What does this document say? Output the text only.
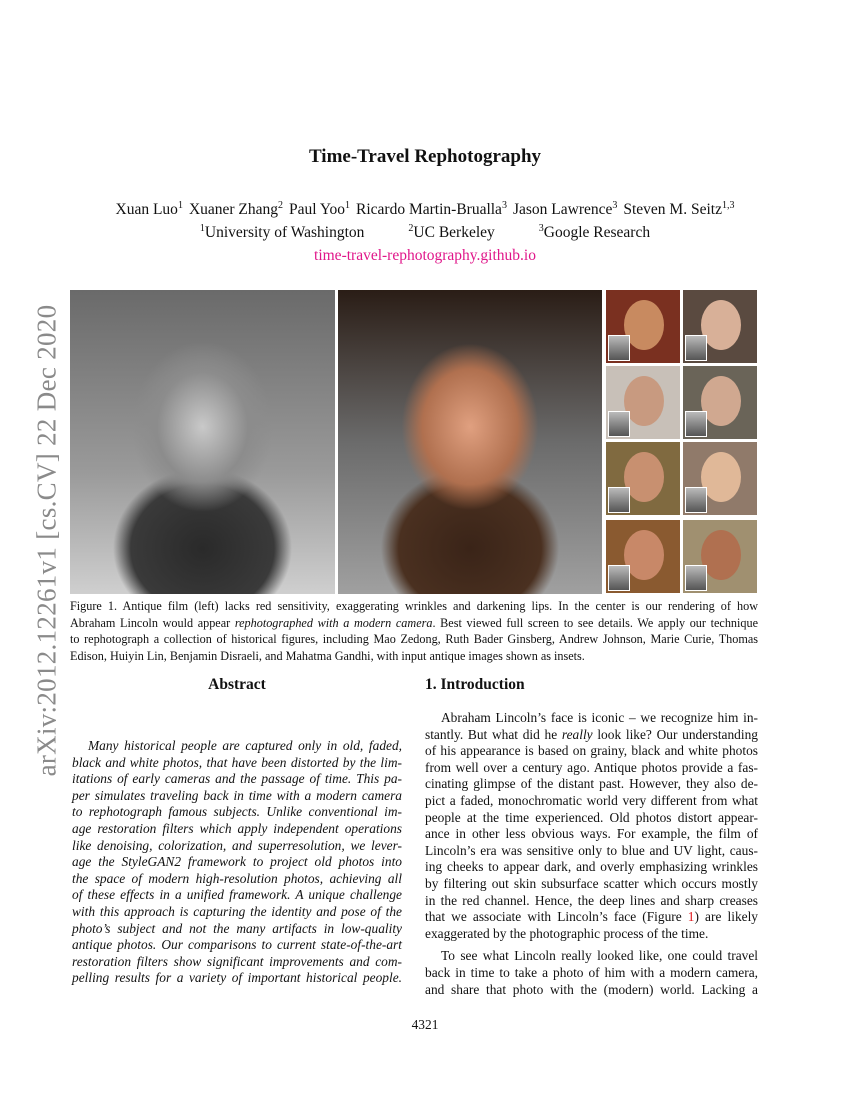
arXiv:2012.12261v1 [cs.CV] 22 Dec 2020
Time-Travel Rephotography
Xuan Luo$^1$ Xuaner Zhang$^2$ Paul Yoo$^1$ Ricardo Martin-Brualla$^3$ Jason Lawrence$^3$ Steven M. Seitz$^{1,3}$
$^1$University of Washington	$^2$UC Berkeley	$^3$Google Research
time-travel-rephotography.github.io
Figure 1. Antique film (left) lacks red sensitivity, exaggerating wrinkles and darkening lips. In the center is our rendering of how
Abraham Lincoln would appear rephotographed with a modern camera. Best viewed full screen to see details. We apply our technique
to rephotograph a collection of historical figures, including Mao Zedong, Ruth Bader Ginsberg, Andrew Johnson, Marie Curie, Thomas
Edison, Huiyin Lin, Benjamin Disraeli, and Mahatma Gandhi, with input antique images shown as insets.
Abstract	1. Introduction
Many historical people are captured only in old, faded,
black and white photos, that have been distorted by the lim-
itations of early cameras and the passage of time. This pa-
per simulates traveling back in time with a modern camera
to rephotograph famous subjects. Unlike conventional im-
age restoration filters which apply independent operations
like denoising, colorization, and superresolution, we lever-
age the StyleGAN2 framework to project old photos into
the space of modern high-resolution photos, achieving all
of these effects in a unified framework. A unique challenge
with this approach is capturing the identity and pose of the
photo’s subject and not the many artifacts in low-quality
antique photos. Our comparisons to current state-of-the-art
restoration filters show significant improvements and com-
pelling results for a variety of important historical people.
Abraham Lincoln’s face is iconic – we recognize him in-
stantly. But what did he really look like? Our understanding
of his appearance is based on grainy, black and white photos
from well over a century ago. Antique photos provide a fas-
cinating glimpse of the distant past. However, they also de-
pict a faded, monochromatic world very different from what
people at the time experienced. Old photos distort appear-
ance in other less obvious ways. For example, the film of
Lincoln’s era was sensitive only to blue and UV light, caus-
ing cheeks to appear dark, and overly emphasizing wrinkles
by filtering out skin subsurface scatter which occurs mostly
in the red channel. Hence, the deep lines and sharp creases
that we associate with Lincoln’s face (Figure 1) are likely
exaggerated by the photographic process of the time.
To see what Lincoln really looked like, one could travel
back in time to take a photo of him with a modern camera,
and share that photo with the (modern) world. Lacking a
4321
